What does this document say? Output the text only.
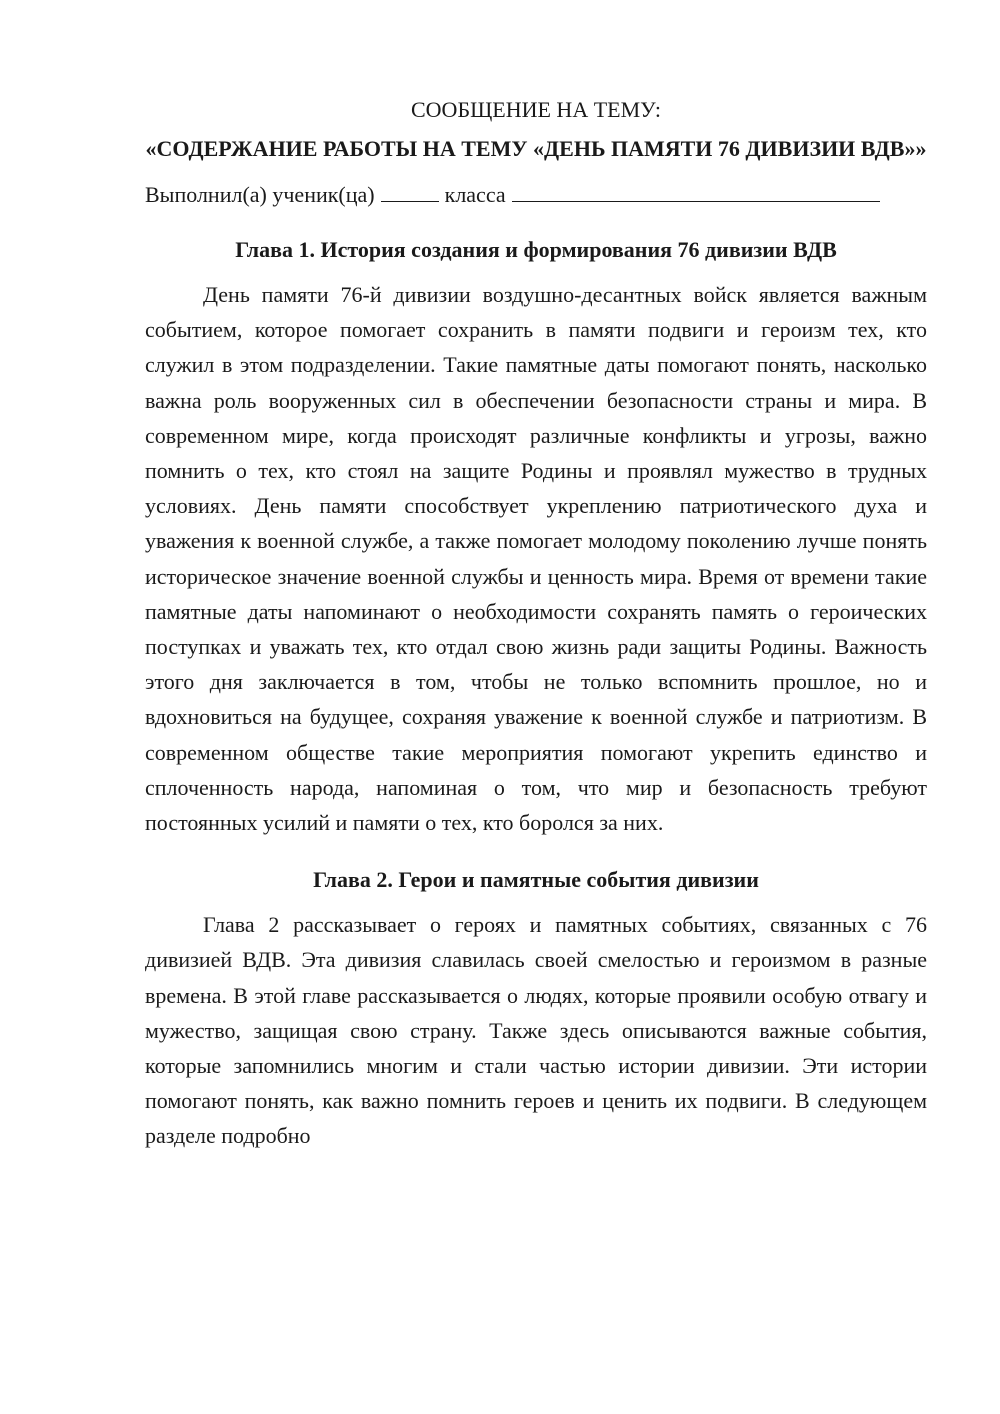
СООБЩЕНИЕ НА ТЕМУ:

«СОДЕРЖАНИЕ РАБОТЫ НА ТЕМУ «ДЕНЬ ПАМЯТИ 76 ДИВИЗИИ ВДВ»»

Выполнил(а) ученик(ца)	класса

Глава 1. История создания и формирования 76 дивизии ВДВ

День памяти 76-й дивизии воздушно-десантных войск является важным событием, которое помогает сохранить в памяти подвиги и героизм тех, кто служил в этом подразделении. Такие памятные даты помогают понять, насколько важна роль вооруженных сил в обеспечении безопасности страны и мира. В современном мире, когда происходят различные конфликты и угрозы, важно помнить о тех, кто стоял на защите Родины и проявлял мужество в трудных условиях. День памяти способствует укреплению патриотического духа и уважения к военной службе, а также помогает молодому поколению лучше понять историческое значение военной службы и ценность мира. Время от времени такие памятные даты напоминают о необходимости сохранять память о героических поступках и уважать тех, кто отдал свою жизнь ради защиты Родины. Важность этого дня заключается в том, чтобы не только вспомнить прошлое, но и вдохновиться на будущее, сохраняя уважение к военной службе и патриотизм. В современном обществе такие мероприятия помогают укрепить единство и сплоченность народа, напоминая о том, что мир и безопасность требуют постоянных усилий и памяти о тех, кто боролся за них.

Глава 2. Герои и памятные события дивизии

Глава 2 рассказывает о героях и памятных событиях, связанных с 76 дивизией ВДВ. Эта дивизия славилась своей смелостью и героизмом в разные времена. В этой главе рассказывается о людях, которые проявили особую отвагу и мужество, защищая свою страну. Также здесь описываются важные события, которые запомнились многим и стали частью истории дивизии. Эти истории помогают понять, как важно помнить героев и ценить их подвиги. В следующем разделе подробно
